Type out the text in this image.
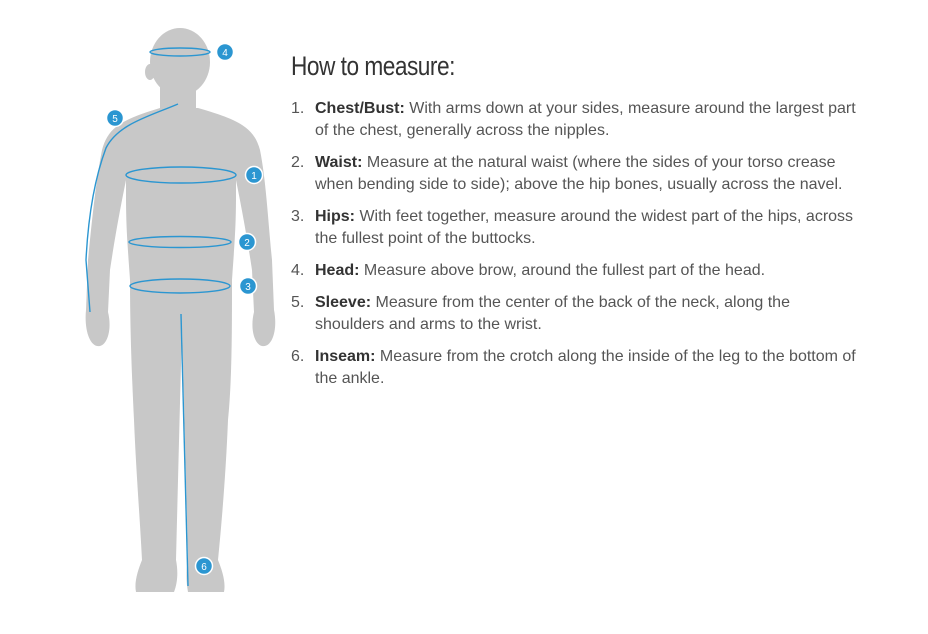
1
2
3
4
5
6
How to measure:
1. Chest/Bust: With arms down at your sides, measure around the largest part of the chest, generally across the nipples.
2. Waist: Measure at the natural waist (where the sides of your torso crease when bending side to side); above the hip bones, usually across the navel.
3. Hips: With feet together, measure around the widest part of the hips, across the fullest point of the buttocks.
4. Head: Measure above brow, around the fullest part of the head.
5. Sleeve: Measure from the center of the back of the neck, along the shoulders and arms to the wrist.
6. Inseam: Measure from the crotch along the inside of the leg to the bottom of the ankle.
